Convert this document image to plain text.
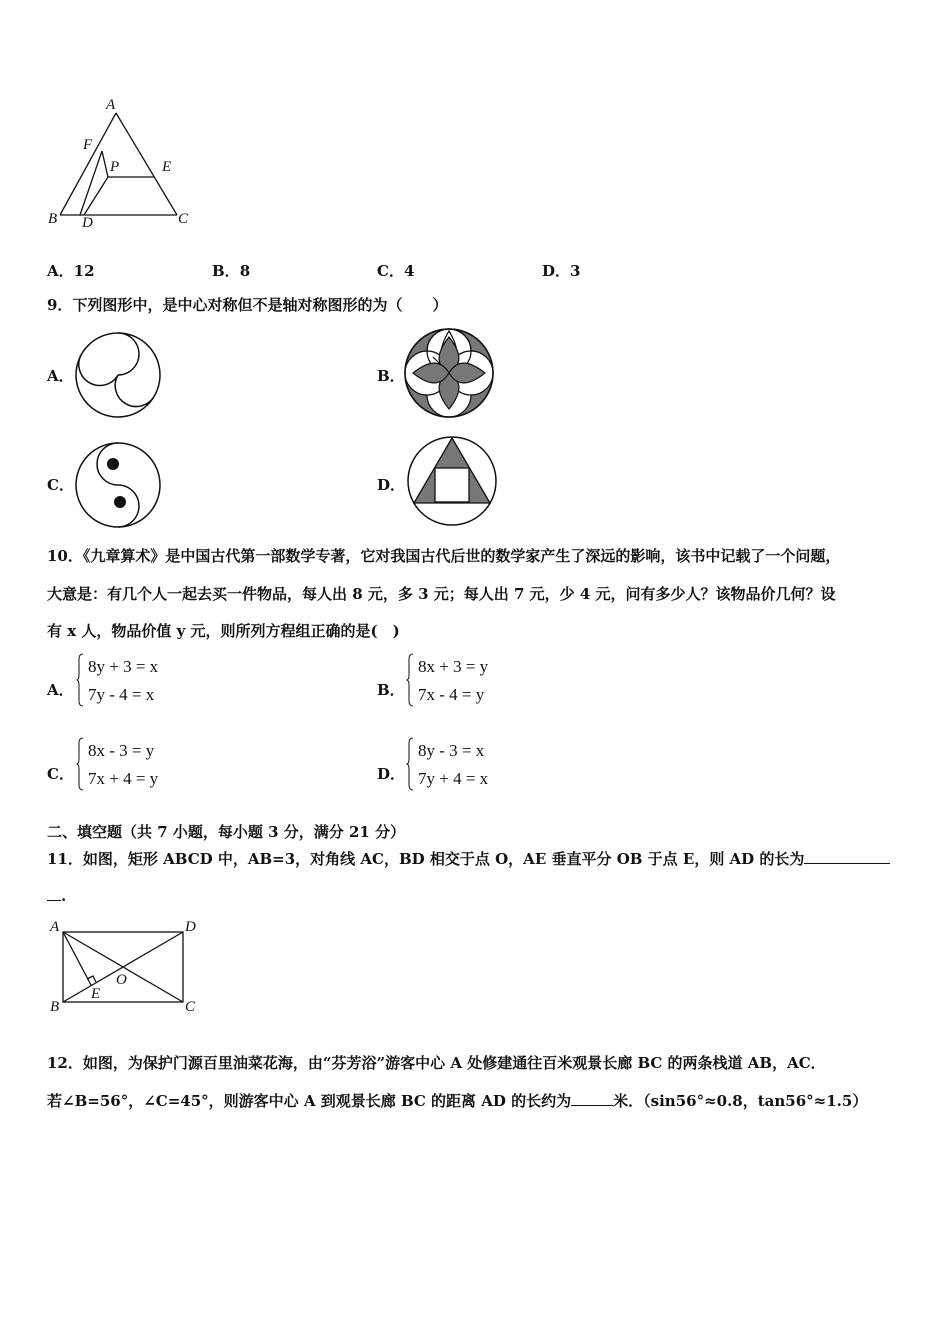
A
F
P	E
B D	C
A．12	B．8	C．4	D．3
9．下列图形中，是中心对称但不是轴对称图形的为（　　）
A．	B．
C．	D．
10．《九章算术》是中国古代第一部数学专著，它对我国古代后世的数学家产生了深远的影响，该书中记载了一个问题，
大意是：有几个人一起去买一件物品，每人出 8 元，多 3 元；每人出 7 元，少 4 元，问有多少人？该物品价几何？设
有 x 人，物品价值 y 元，则所列方程组正确的是(　)
A．
8y + 3 = x
7y - 4 = x	B．
8x + 3 = y
7x - 4 = y
C．
8x - 3 = y
7x + 4 = y	D．
8y - 3 = x
7y + 4 = x
二、填空题（共 7 小题，每小题 3 分，满分 21 分）
11．如图，矩形 ABCD 中，AB=3，对角线 AC，BD 相交于点 O，AE 垂直平分 OB 于点 E，则 AD 的长为
.
A	D
O
B
E
C
12．如图，为保护门源百里油菜花海，由“芬芳浴”游客中心 A 处修建通往百米观景长廊 BC 的两条栈道 AB，AC．
若∠B=56°，∠C=45°，则游客中心 A 到观景长廊 BC 的距离 AD 的长约为	米．（sin56°≈0.8，tan56°≈1.5）
